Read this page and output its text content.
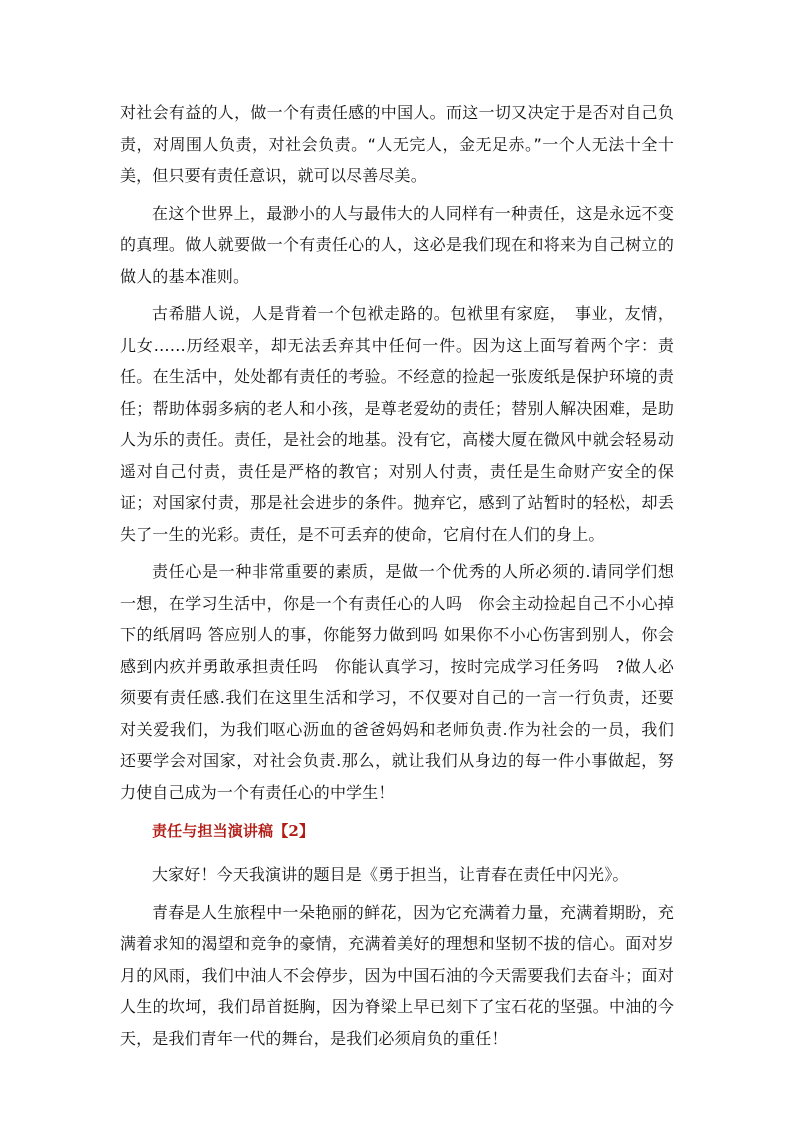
对社会有益的人，做一个有责任感的中国人。而这一切又决定于是否对自己负责，对周围人负责，对社会负责。“人无完人，金无足赤。”一个人无法十全十美，但只要有责任意识，就可以尽善尽美。

在这个世界上，最渺小的人与最伟大的人同样有一种责任，这是永远不变的真理。做人就要做一个有责任心的人，这必是我们现在和将来为自己树立的做人的基本准则。

古希腊人说，人是背着一个包袱走路的。包袱里有家庭，　事业，友情，儿女……历经艰辛，却无法丢弃其中任何一件。因为这上面写着两个字：责任。在生活中，处处都有责任的考验。不经意的捡起一张废纸是保护环境的责任；帮助体弱多病的老人和小孩，是尊老爱幼的责任；替别人解决困难，是助人为乐的责任。责任，是社会的地基。没有它，高楼大厦在微风中就会轻易动遥对自己付责，责任是严格的教官；对别人付责，责任是生命财产安全的保证；对国家付责，那是社会进步的条件。抛弃它，感到了站暂时的轻松，却丢失了一生的光彩。责任，是不可丢弃的使命，它肩付在人们的身上。

责任心是一种非常重要的素质，是做一个优秀的人所必须的.请同学们想一想，在学习生活中，你是一个有责任心的人吗　你会主动捡起自己不小心掉下的纸屑吗 答应别人的事，你能努力做到吗 如果你不小心伤害到别人，你会感到内疚并勇敢承担责任吗　你能认真学习，按时完成学习任务吗　?做人必须要有责任感.我们在这里生活和学习，不仅要对自己的一言一行负责，还要对关爱我们，为我们呕心沥血的爸爸妈妈和老师负责.作为社会的一员，我们还要学会对国家，对社会负责.那么，就让我们从身边的每一件小事做起，努力使自己成为一个有责任心的中学生！

责任与担当演讲稿【2】

大家好！今天我演讲的题目是《勇于担当，让青春在责任中闪光》。

青春是人生旅程中一朵艳丽的鲜花，因为它充满着力量，充满着期盼，充满着求知的渴望和竞争的豪情，充满着美好的理想和坚韧不拔的信心。面对岁月的风雨，我们中油人不会停步，因为中国石油的今天需要我们去奋斗；面对人生的坎坷，我们昂首挺胸，因为脊梁上早已刻下了宝石花的坚强。中油的今天，是我们青年一代的舞台，是我们必须肩负的重任！
